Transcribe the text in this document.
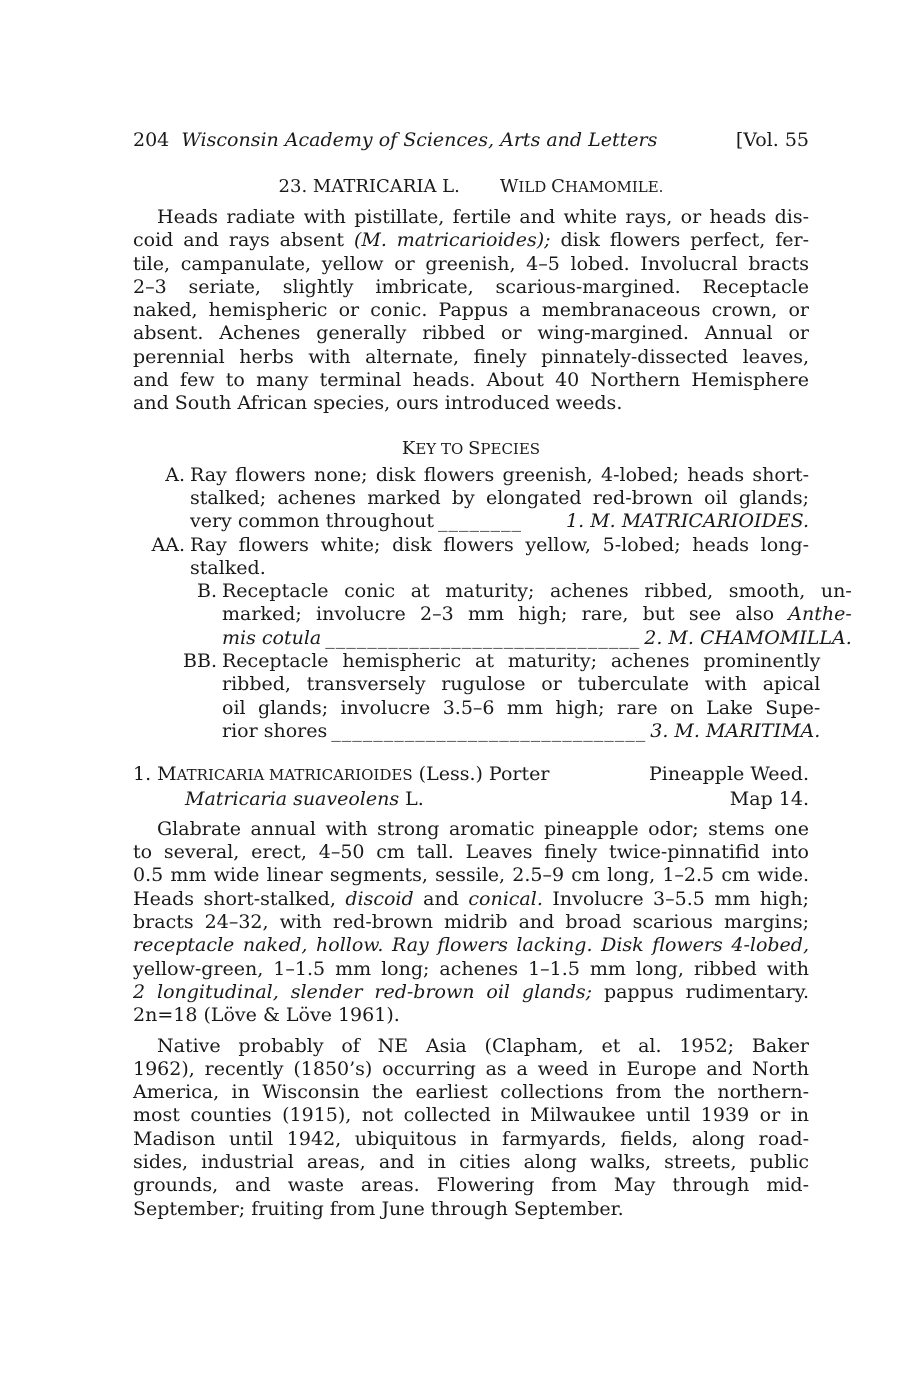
204 Wisconsin Academy of Sciences, Arts and Letters	[Vol. 55
23. MATRICARIA L. WILD CHAMOMILE.
Heads radiate with pistillate, fertile and white rays, or heads dis-
coid and rays absent (M. matricarioides); disk flowers perfect, fer-
tile, campanulate, yellow or greenish, 4–5 lobed. Involucral bracts
2–3 seriate, slightly imbricate, scarious-margined. Receptacle
naked, hemispheric or conic. Pappus a membranaceous crown, or
absent. Achenes generally ribbed or wing-margined. Annual or
perennial herbs with alternate, finely pinnately-dissected leaves,
and few to many terminal heads. About 40 Northern Hemisphere
and South African species, ours introduced weeds.
KEY TO SPECIES
A. Ray flowers none; disk flowers greenish, 4-lobed; heads short-
stalked; achenes marked by elongated red-brown oil glands;
very common throughout ________	1. M. MATRICARIOIDES.
AA. Ray flowers white; disk flowers yellow, 5-lobed; heads long-
stalked.
B. Receptacle conic at maturity; achenes ribbed, smooth, un-
marked; involucre 2–3 mm high; rare, but see also Anthe-
mis cotula ______________________________ 2. M. CHAMOMILLA.
BB. Receptacle hemispheric at maturity; achenes prominently
ribbed, transversely rugulose or tuberculate with apical
oil glands; involucre 3.5–6 mm high; rare on Lake Supe-
rior shores ______________________________ 3. M. MARITIMA.
1. MATRICARIA MATRICARIOIDES (Less.) Porter	Pineapple Weed.
Matricaria suaveolens L.	Map 14.
Glabrate annual with strong aromatic pineapple odor; stems one
to several, erect, 4–50 cm tall. Leaves finely twice-pinnatifid into
0.5 mm wide linear segments, sessile, 2.5–9 cm long, 1–2.5 cm wide.
Heads short-stalked, discoid and conical. Involucre 3–5.5 mm high;
bracts 24–32, with red-brown midrib and broad scarious margins;
receptacle naked, hollow. Ray flowers lacking. Disk flowers 4-lobed,
yellow-green, 1–1.5 mm long; achenes 1–1.5 mm long, ribbed with
2 longitudinal, slender red-brown oil glands; pappus rudimentary.
2n=18 (Löve & Löve 1961).
Native probably of NE Asia (Clapham, et al. 1952; Baker
1962), recently (1850’s) occurring as a weed in Europe and North
America, in Wisconsin the earliest collections from the northern-
most counties (1915), not collected in Milwaukee until 1939 or in
Madison until 1942, ubiquitous in farmyards, fields, along road-
sides, industrial areas, and in cities along walks, streets, public
grounds, and waste areas. Flowering from May through mid-
September; fruiting from June through September.
